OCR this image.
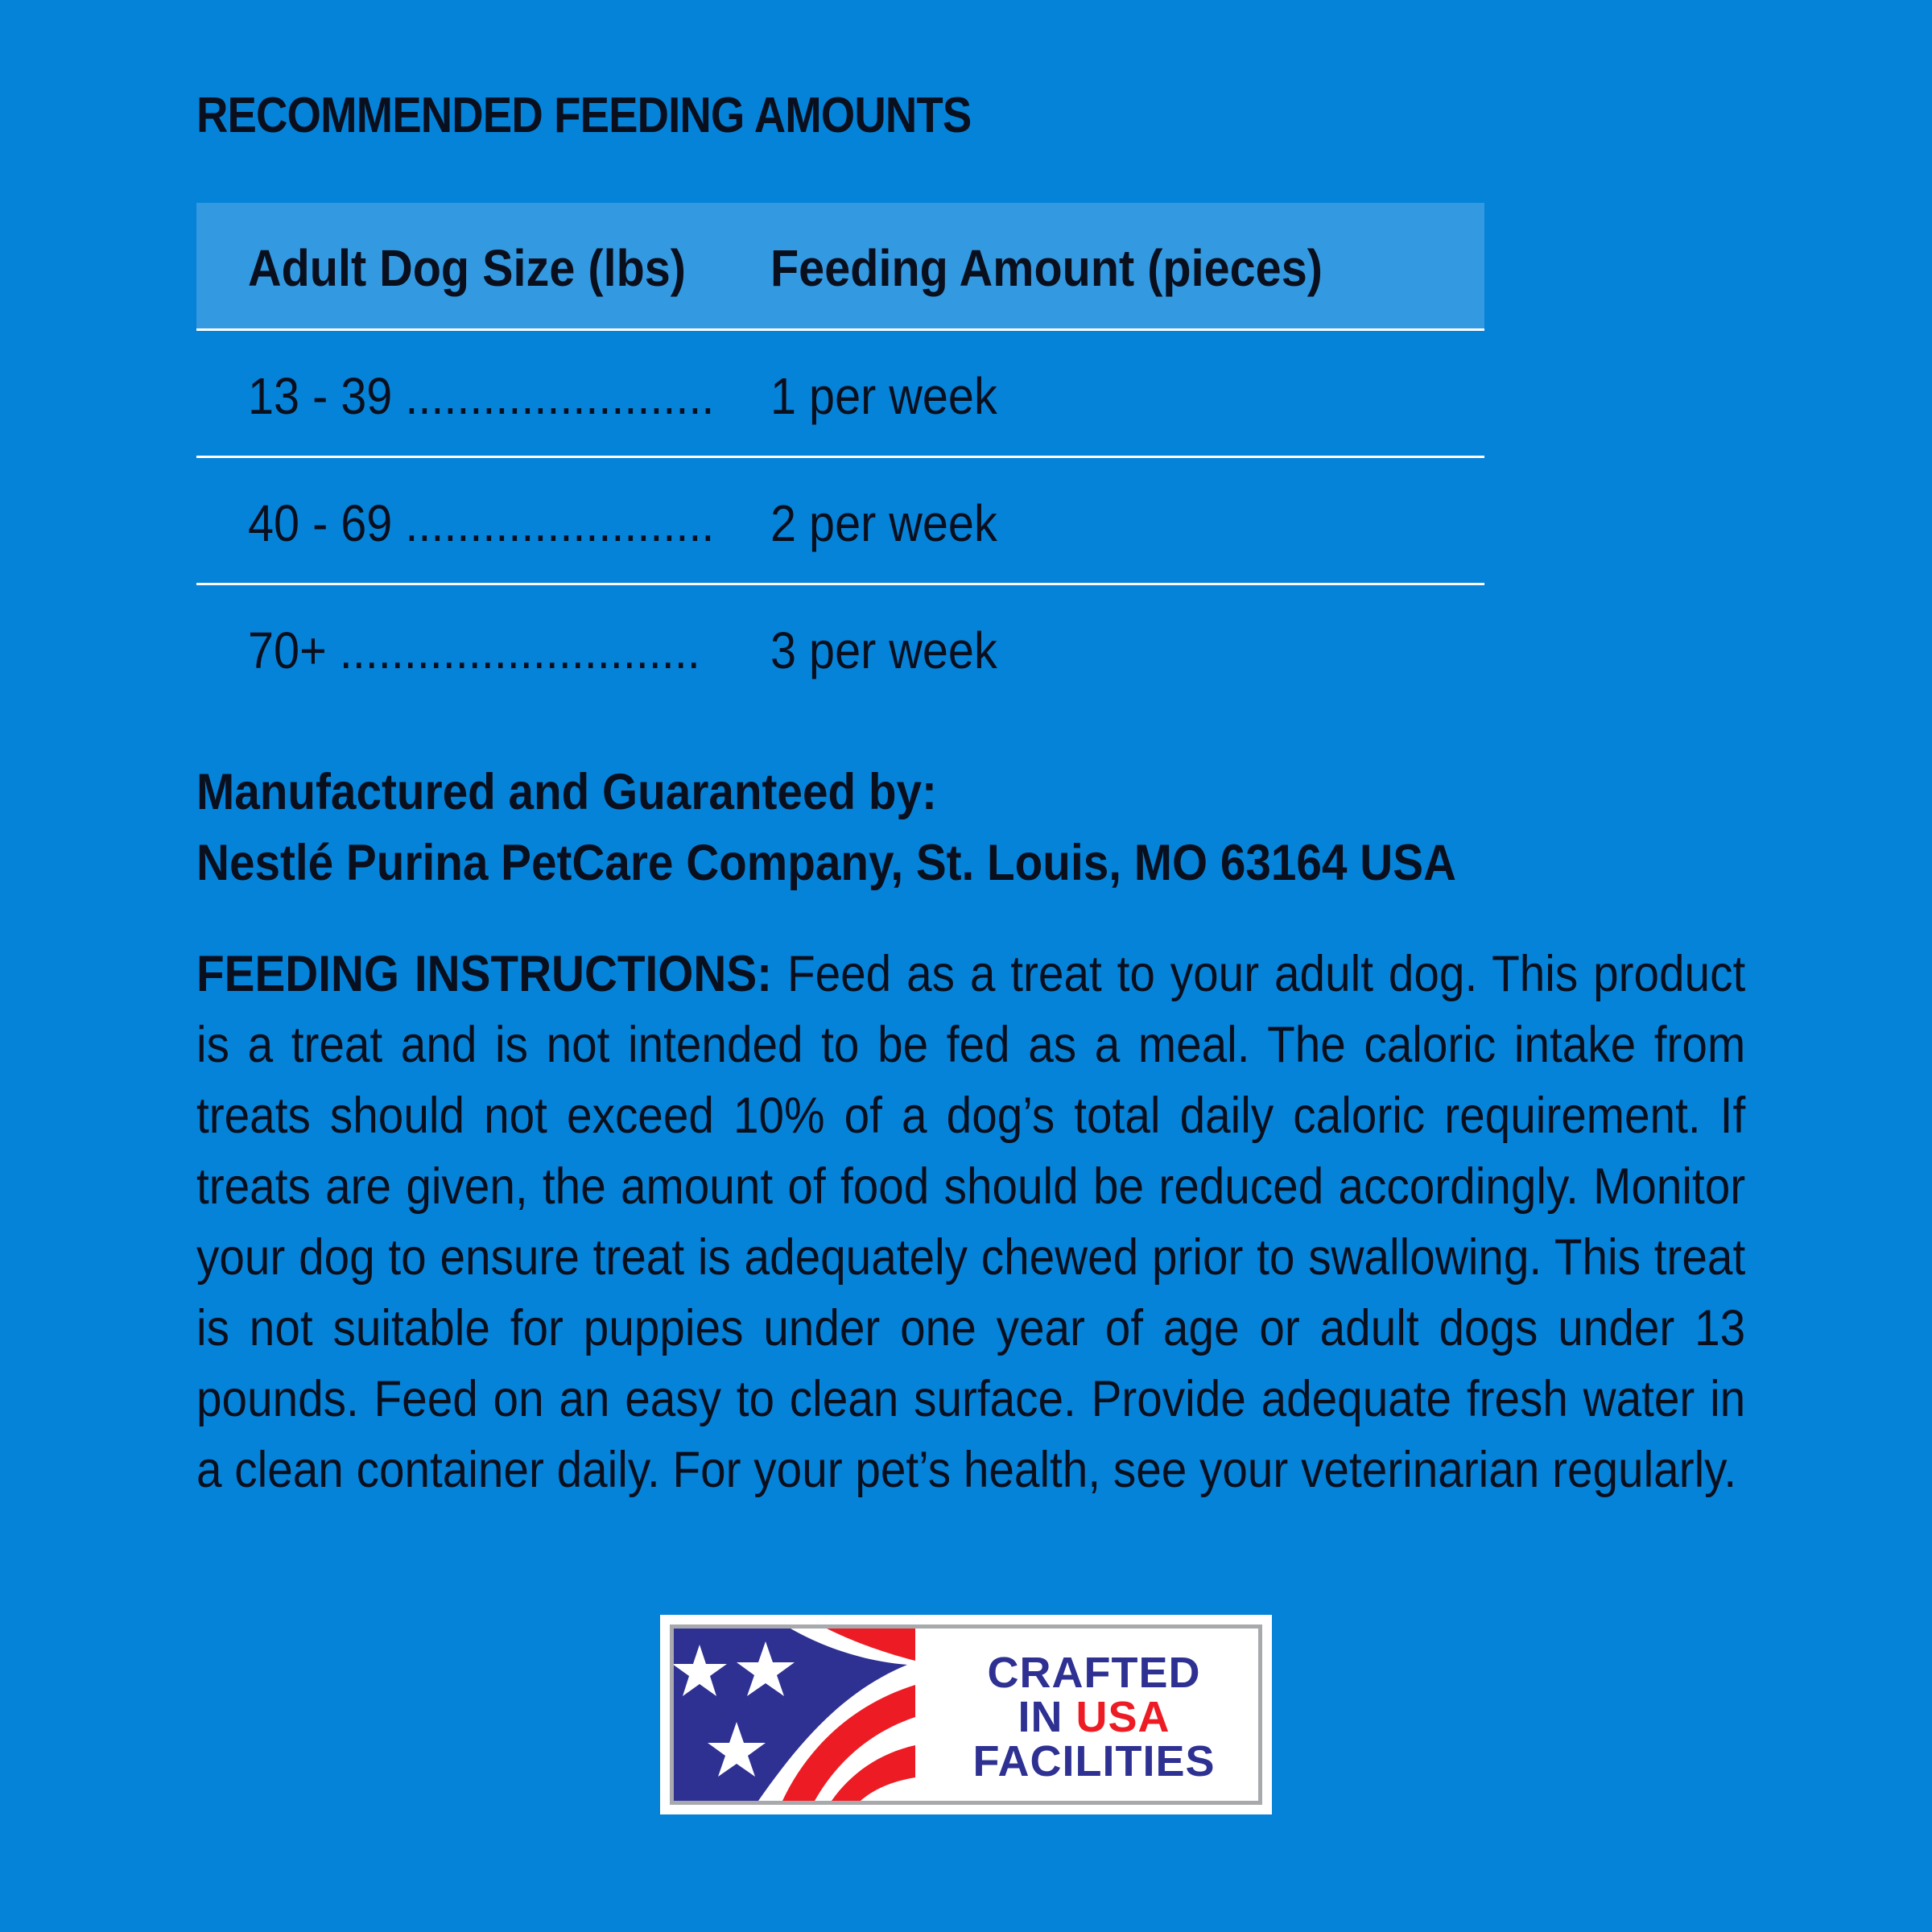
RECOMMENDED FEEDING AMOUNTS
Adult Dog Size (lbs) Feeding Amount (pieces)
13 - 39 ........................ 1 per week
40 - 69 ........................ 2 per week
70+ ............................ 3 per week
Manufactured and Guaranteed by:
Nestlé Purina PetCare Company, St. Louis, MO 63164 USA
FEEDING INSTRUCTIONS: Feed as a treat to your adult dog. This product is a treat and is not intended to be fed as a meal. The caloric intake from treats should not exceed 10% of a dog’s total daily caloric requirement. If treats are given, the amount of food should be reduced accordingly. Monitor your dog to ensure treat is adequately chewed prior to swallowing. This treat is not suitable for puppies under one year of age or adult dogs under 13 pounds. Feed on an easy to clean surface. Provide adequate fresh water in a clean container daily. For your pet’s health, see your veterinarian regularly.
CRAFTED
IN USA
FACILITIES
